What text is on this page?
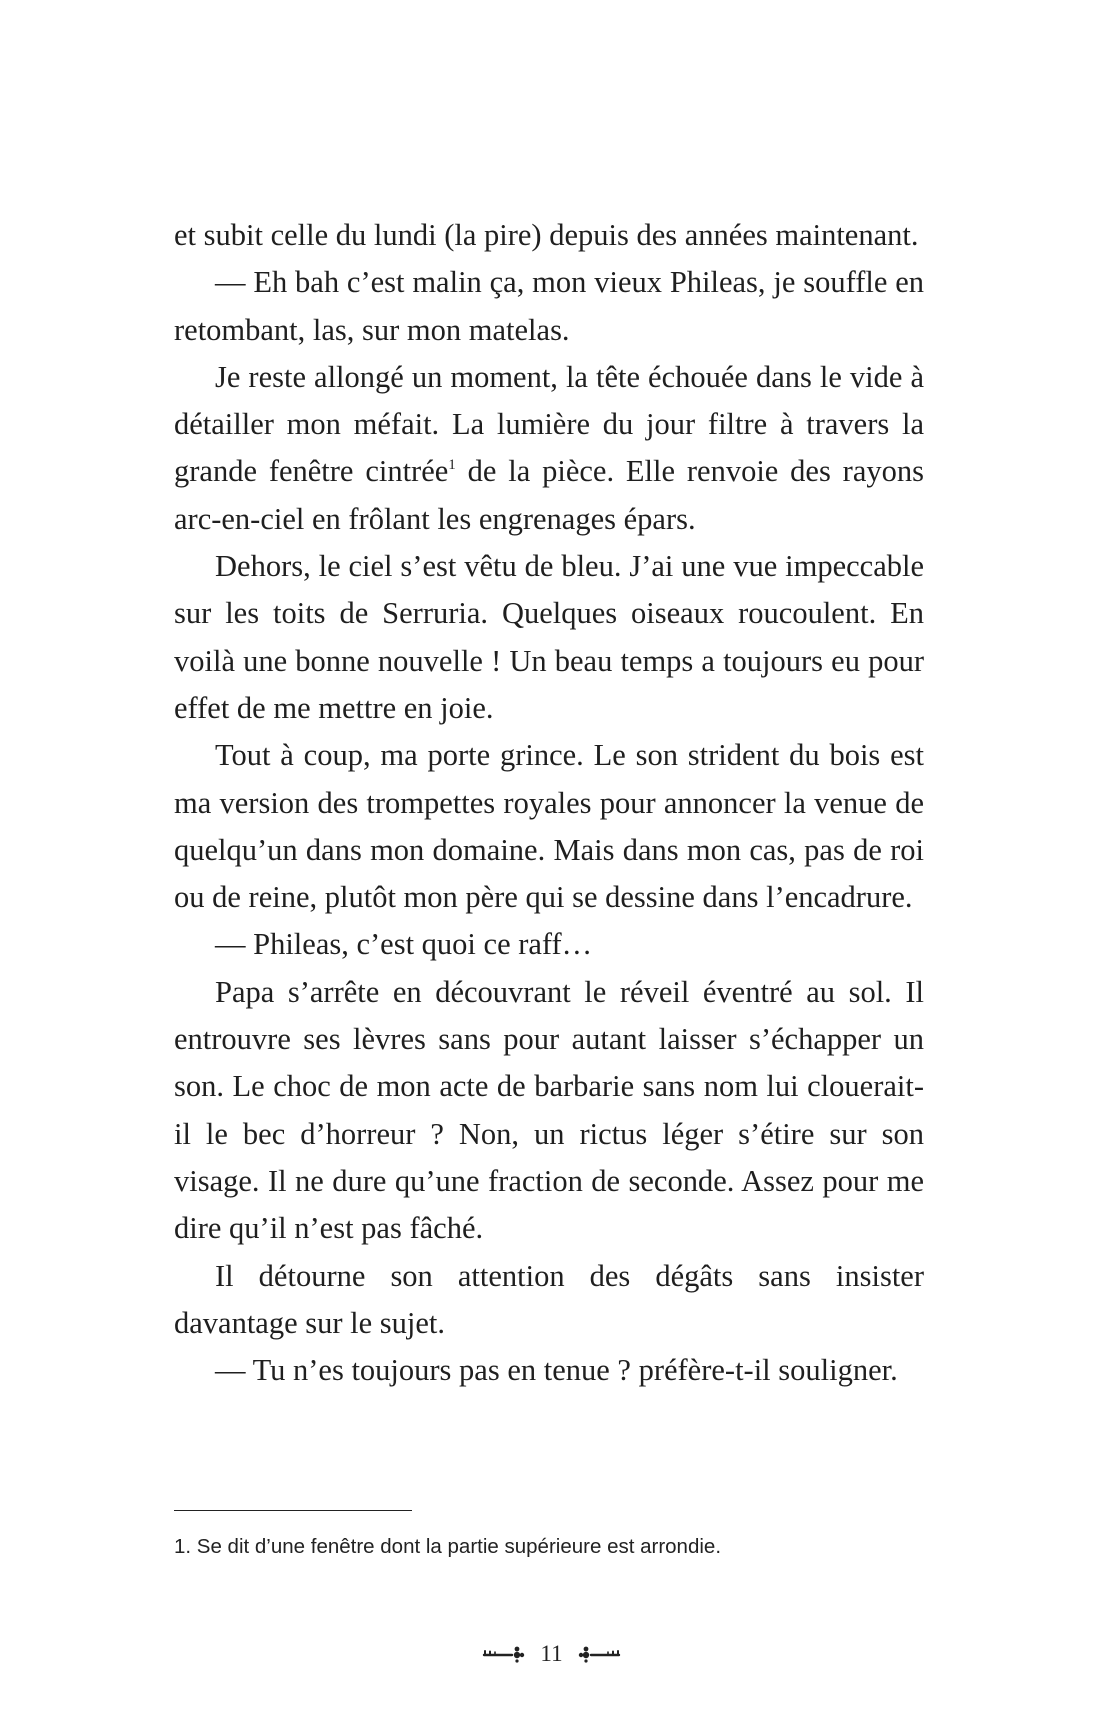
et subit celle du lundi (la pire) depuis des années maintenant.

— Eh bah c’est malin ça, mon vieux Phileas, je souffle en retombant, las, sur mon matelas.

Je reste allongé un moment, la tête échouée dans le vide à détailler mon méfait. La lumière du jour filtre à travers la grande fenêtre cintrée$^1$ de la pièce. Elle renvoie des rayons arc-en-ciel en frôlant les engrenages épars.

Dehors, le ciel s’est vêtu de bleu. J’ai une vue impeccable sur les toits de Serruria. Quelques oiseaux roucoulent. En voilà une bonne nouvelle ! Un beau temps a toujours eu pour effet de me mettre en joie.

Tout à coup, ma porte grince. Le son strident du bois est ma version des trompettes royales pour annoncer la venue de quelqu’un dans mon domaine. Mais dans mon cas, pas de roi ou de reine, plutôt mon père qui se dessine dans l’encadrure.

— Phileas, c’est quoi ce raff…

Papa s’arrête en découvrant le réveil éventré au sol. Il entrouvre ses lèvres sans pour autant laisser s’échapper un son. Le choc de mon acte de barbarie sans nom lui clouerait-il le bec d’horreur ? Non, un rictus léger s’étire sur son visage. Il ne dure qu’une fraction de seconde. Assez pour me dire qu’il n’est pas fâché.

Il détourne son attention des dégâts sans insister davantage sur le sujet.

— Tu n’es toujours pas en tenue ? préfère-t-il souligner.

1. Se dit d’une fenêtre dont la partie supérieure est arrondie.

11
